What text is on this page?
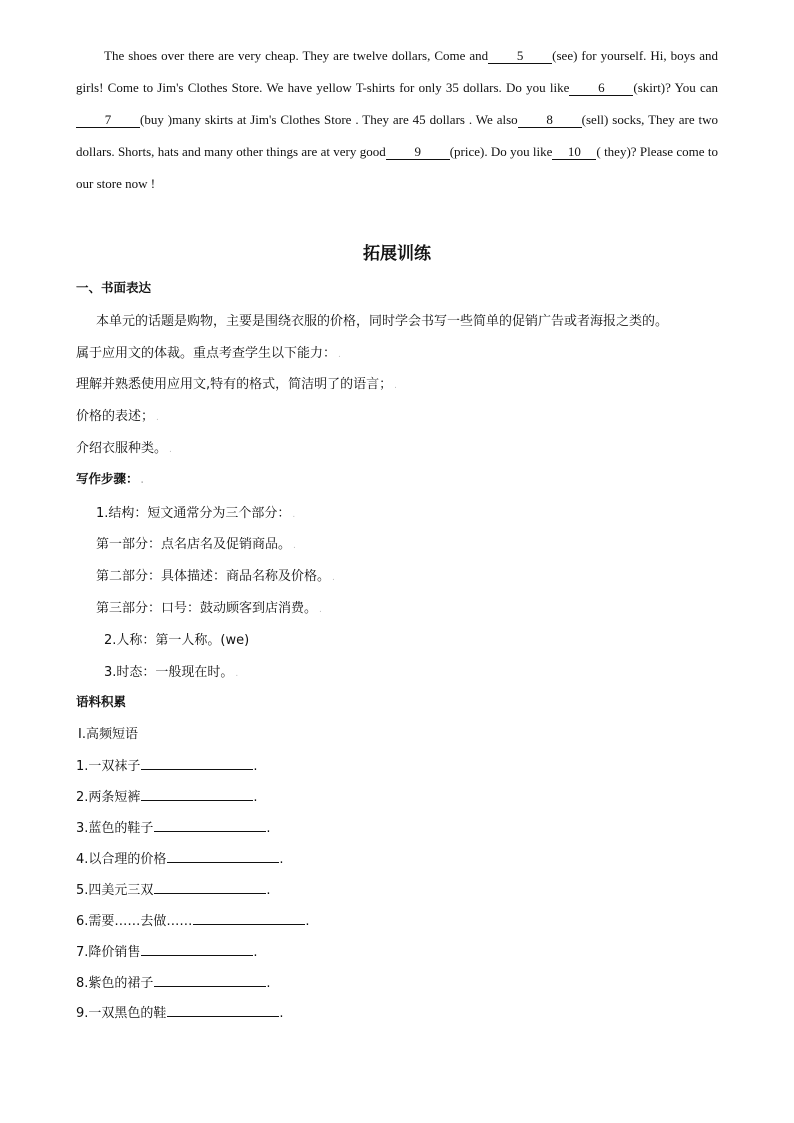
The shoes over there are very cheap. They are twelve dollars, Come and 5 (see) for yourself. Hi, boys and girls! Come to Jim's Clothes Store. We have yellow T-shirts for only 35 dollars. Do you like 6 (skirt)? You can7 (buy )many skirts at Jim's Clothes Store . They are 45 dollars . We also 8 (sell) socks, They are two dollars. Shorts, hats and many other things are at very good 9 (price). Do you like 10 ( they)? Please come to our store now !

拓展训练

一、书面表达

本单元的话题是购物，主要是围绕衣服的价格，同时学会书写一些简单的促销广告或者海报之类的。

属于应用文的体裁。重点考查学生以下能力： .

理解并熟悉使用应用文,特有的格式，简洁明了的语言； .

价格的表述； .

介绍衣服种类。 .

写作步骤： .

1.结构：短文通常分为三个部分： .

第一部分：点名店名及促销商品。 .

第二部分：具体描述：商品名称及价格。 .

第三部分：口号：鼓动顾客到店消费。 .

2.人称：第一人称。(we)

3.时态：一般现在时。 .

语料积累

Ⅰ.高频短语

1.一双袜子	.

2.两条短裤	.

3.蓝色的鞋子	.

4.以合理的价格	.

5.四美元三双	.

6.需要……去做……	.

7.降价销售	.

8.紫色的裙子	.

9.一双黑色的鞋	.
